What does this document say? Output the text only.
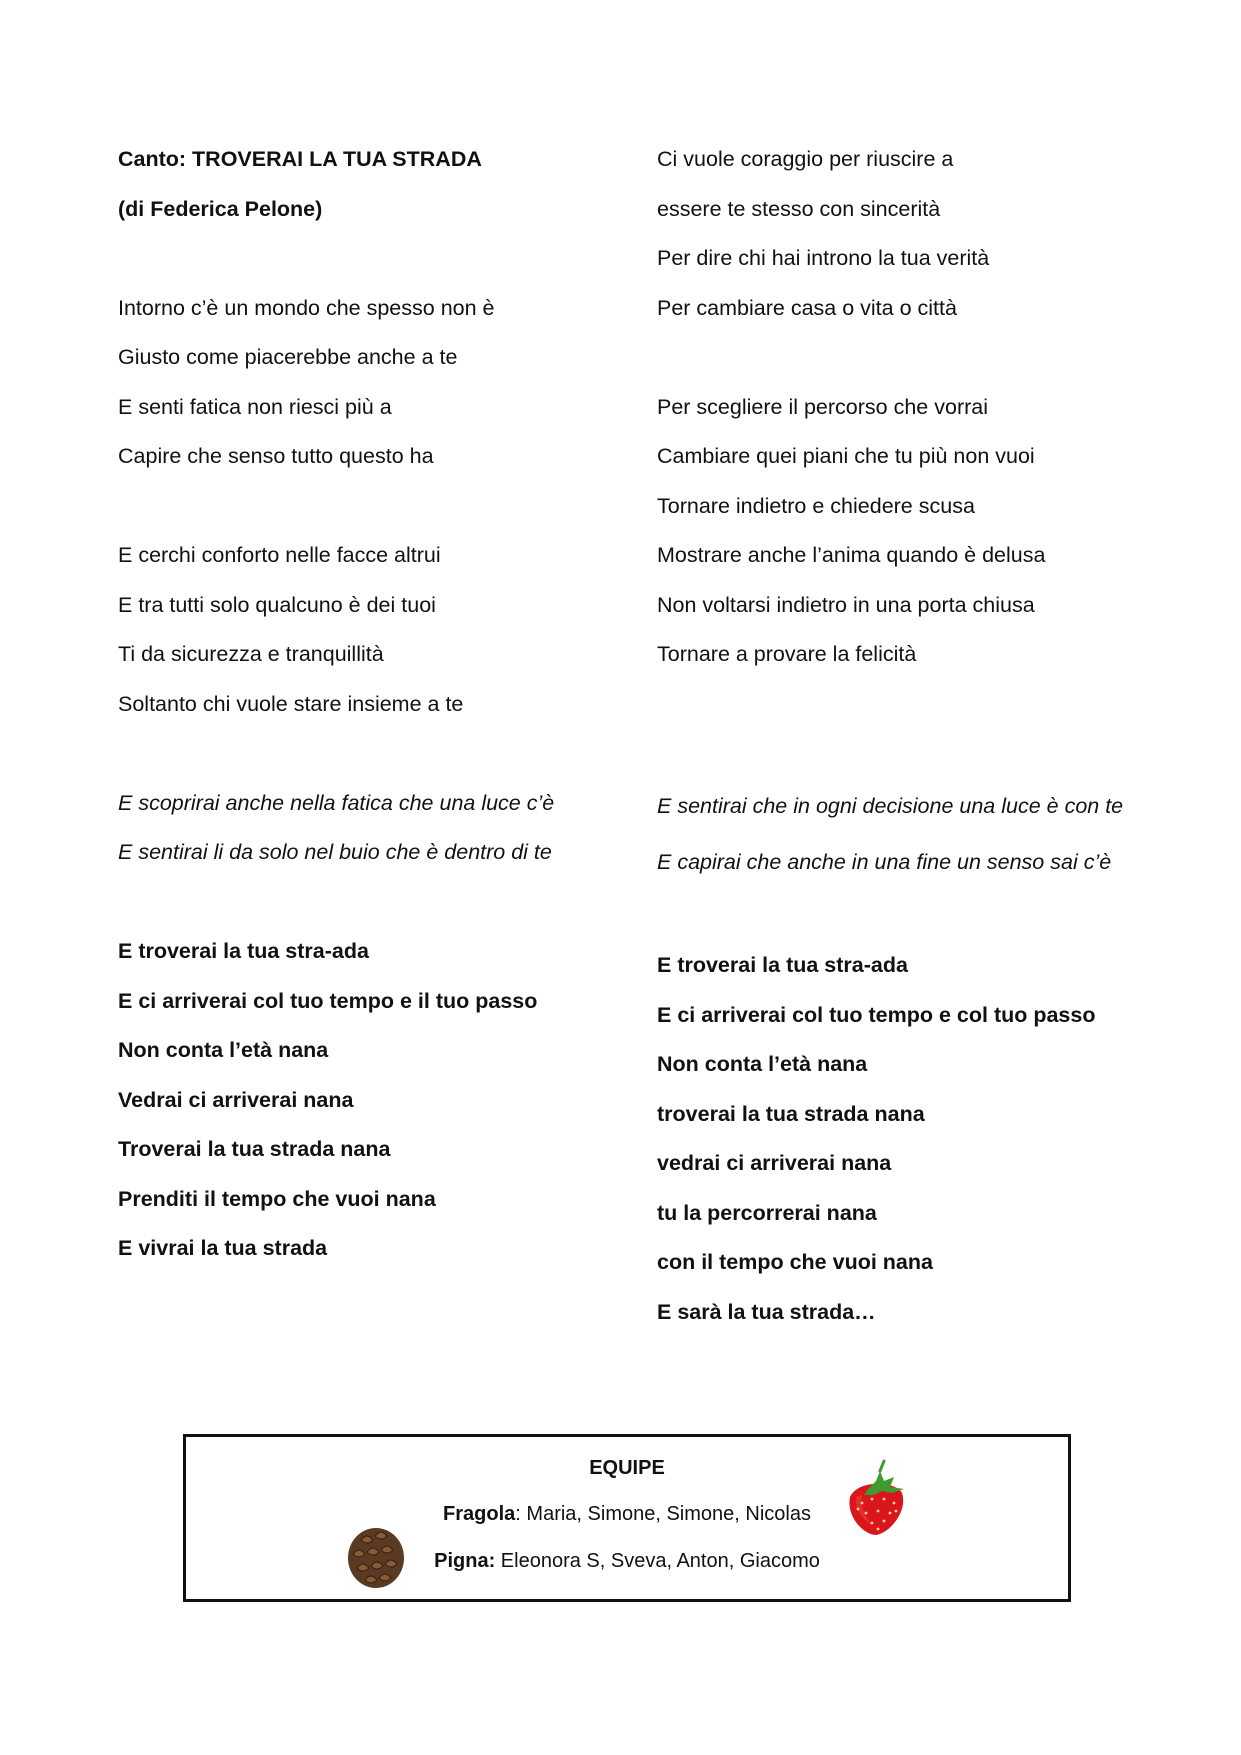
Canto: TROVERAI LA TUA STRADA
(di Federica Pelone)
Intorno c’è un mondo che spesso non è
Giusto come piacerebbe anche a te
E senti fatica non riesci più a
Capire che senso tutto questo ha
E cerchi conforto nelle facce altrui
E tra tutti solo qualcuno è dei tuoi
Ti da sicurezza e tranquillità
Soltanto chi vuole stare insieme a te
E scoprirai anche nella fatica che una luce c’è
E sentirai li da solo nel buio che è dentro di te
E troverai la tua stra-ada
E ci arriverai col tuo tempo e il tuo passo
Non conta l’età nana
Vedrai ci arriverai nana
Troverai la tua strada nana
Prenditi il tempo che vuoi nana
E vivrai la tua strada
Ci vuole coraggio per riuscire a
essere te stesso con sincerità
Per dire chi hai introno la tua verità
Per cambiare casa o vita o città
Per scegliere il percorso che vorrai
Cambiare quei piani che tu più non vuoi
Tornare indietro e chiedere scusa
Mostrare anche l’anima quando è delusa
Non voltarsi indietro in una porta chiusa
Tornare a provare la felicità
E sentirai che in ogni decisione una luce è con te
E capirai che anche in una fine un senso sai c’è
E troverai la tua stra-ada
E ci arriverai col tuo tempo e col tuo passo
Non conta l’età nana
troverai la tua strada nana
vedrai ci arriverai nana
tu la percorrerai nana
con il tempo che vuoi nana
E sarà la tua strada…
EQUIPE
Fragola: Maria, Simone, Simone, Nicolas
Pigna: Eleonora S, Sveva, Anton, Giacomo
